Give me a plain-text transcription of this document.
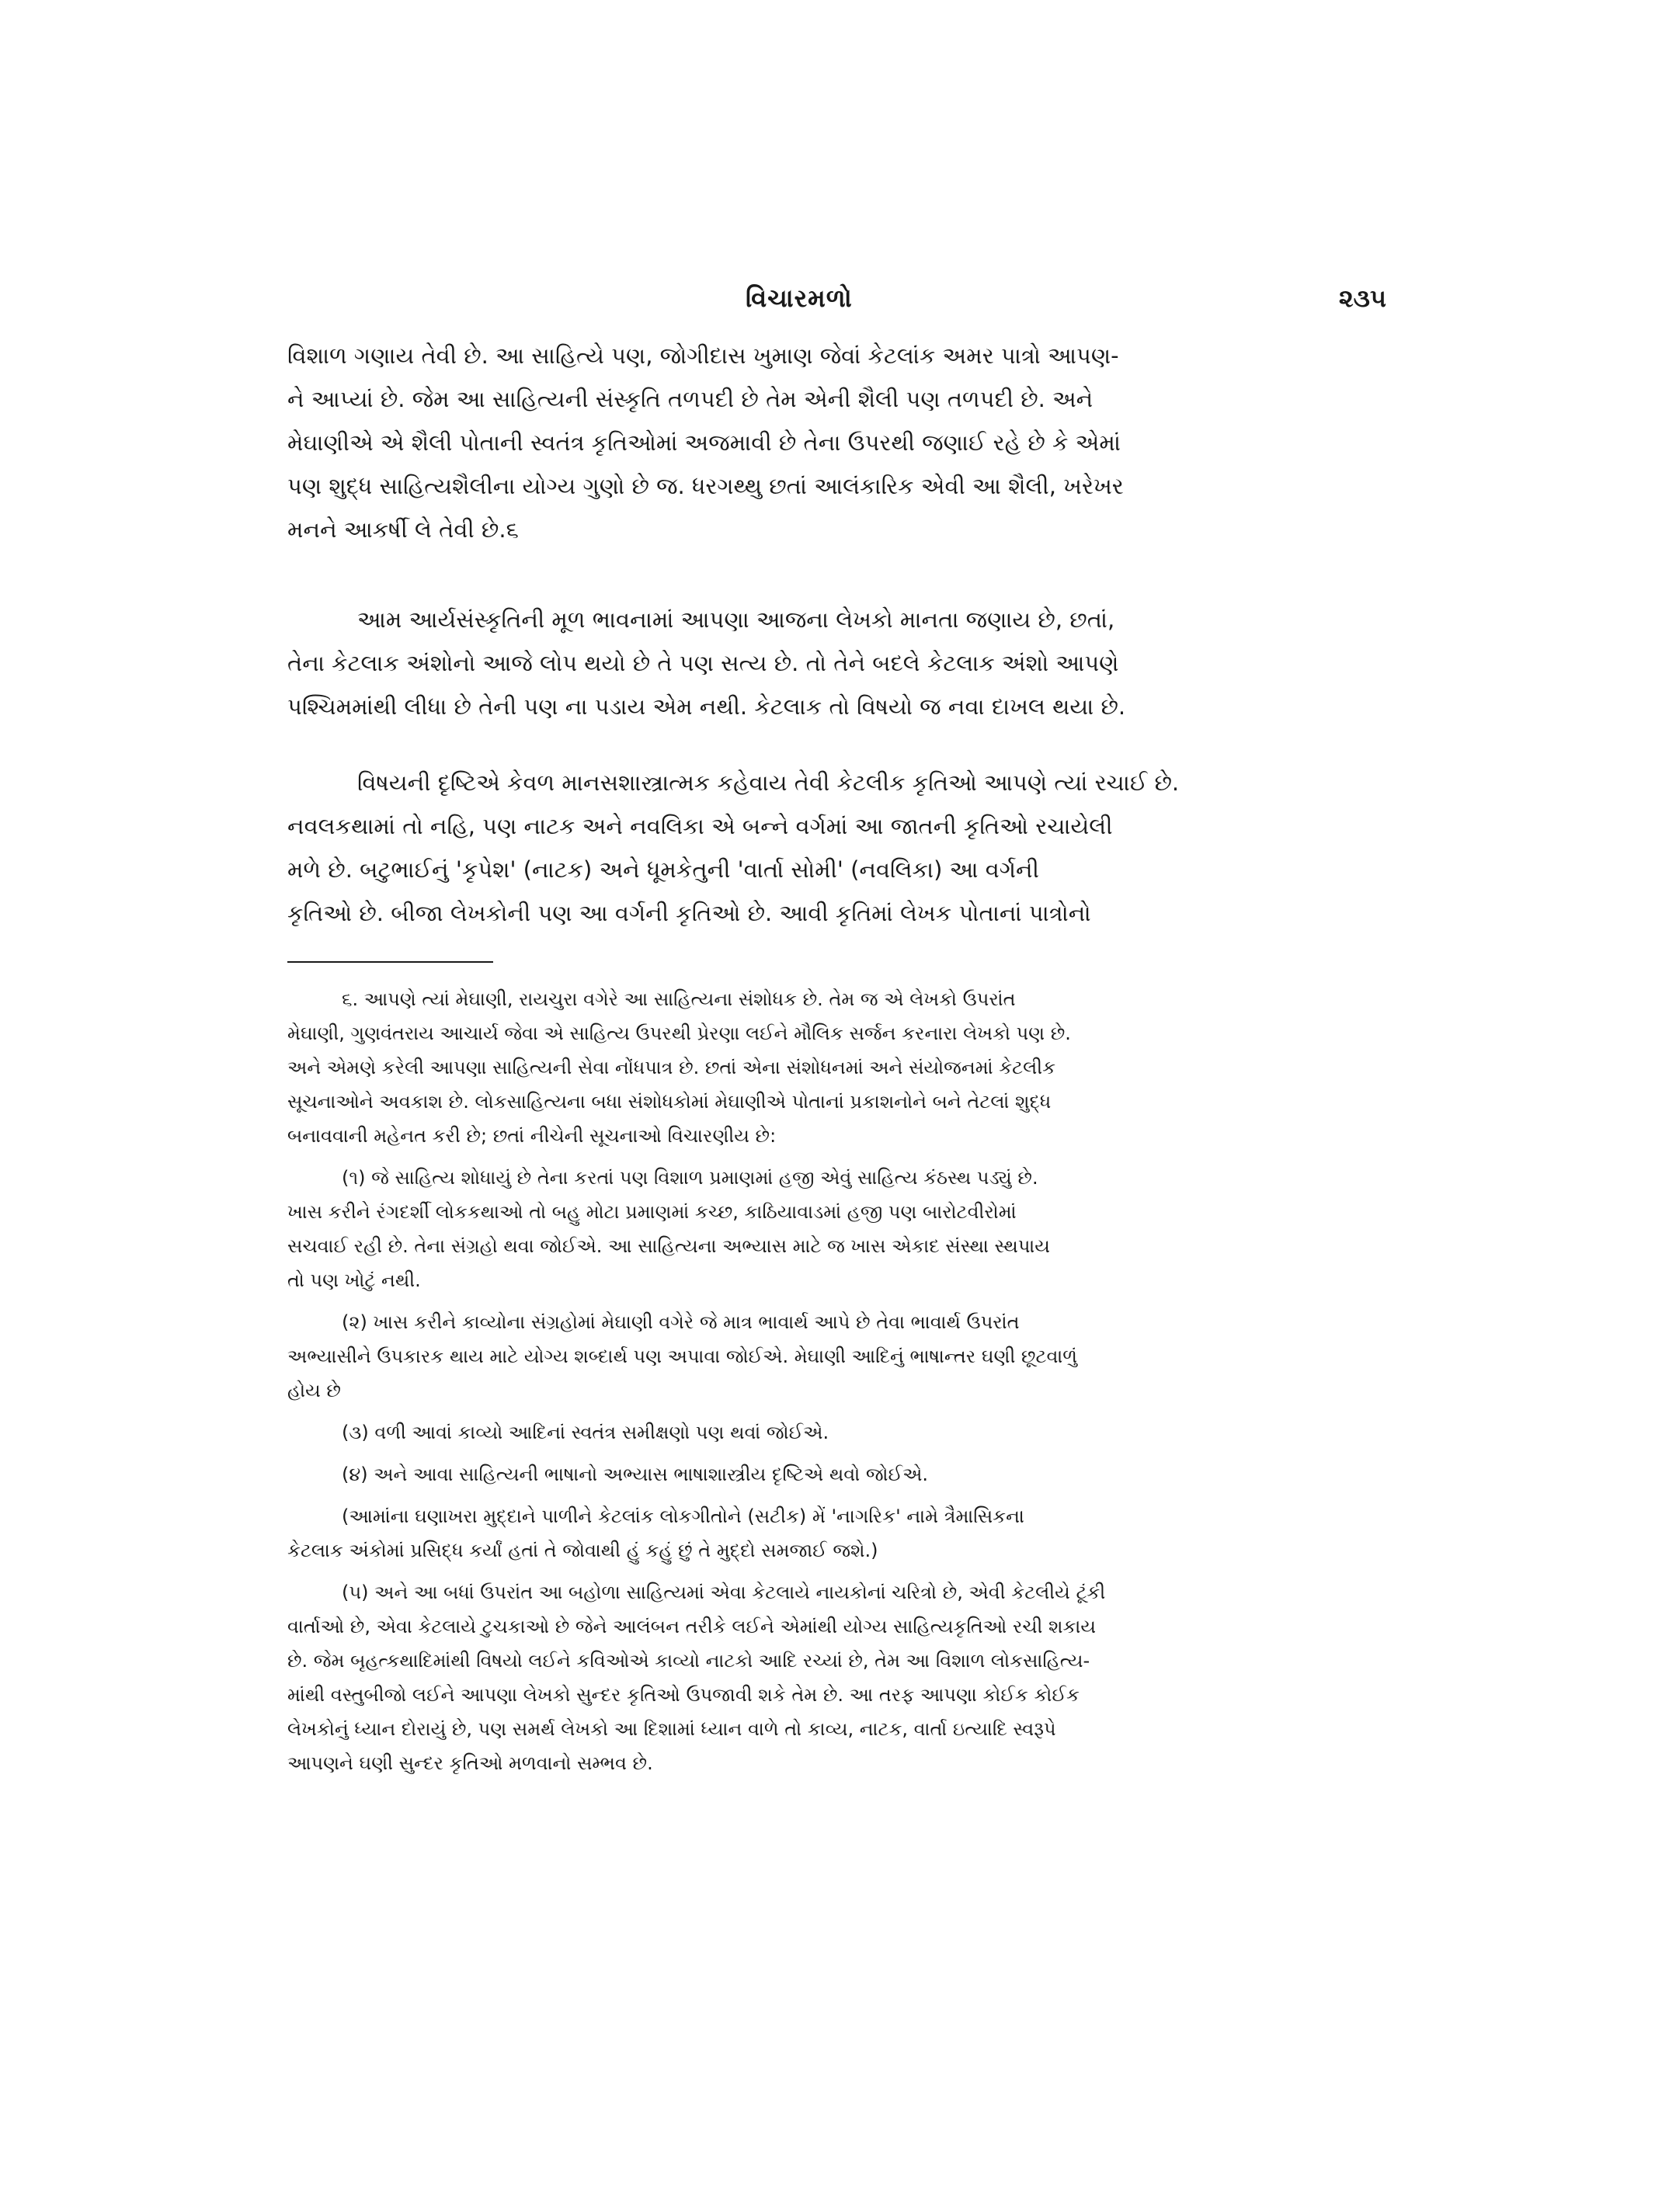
વિચારમળો	૨૩૫

વિશાળ ગણાય તેવી છે. આ સાહિત્યે પણ, જોગીદાસ ખુમાણ જેવાં કેટલાંક અમર પાત્રો આપણ-
ને આપ્યાં છે. જેમ આ સાહિત્યની સંસ્કૃતિ તળપદી છે તેમ એની શૈલી પણ તળપદી છે. અને
મેઘાણીએ એ શૈલી પોતાની સ્વતંત્ર કૃતિઓમાં અજમાવી છે તેના ઉપરથી જણાઈ રહે છે કે એમાં
પણ શુદ્ધ સાહિત્યશૈલીના યોગ્ય ગુણો છે જ. ધરગથ્થુ છતાં આલંકારિક એવી આ શૈલી, ખરેખર
મનને આકર્ષી લે તેવી છે.૬

આમ આર્યસંસ્કૃતિની મૂળ ભાવનામાં આપણા આજના લેખકો માનતા જણાય છે, છતાં,
તેના કેટલાક અંશોનો આજે લોપ થયો છે તે પણ સત્ય છે. તો તેને બદલે કેટલાક અંશો આપણે
પશ્ચિમમાંથી લીધા છે તેની પણ ના પડાય એમ નથી. કેટલાક તો વિષયો જ નવા દાખલ થયા છે.

વિષયની દૃષ્ટિએ કેવળ માનસશાસ્ત્રાત્મક કહેવાય તેવી કેટલીક કૃતિઓ આપણે ત્યાં રચાઈ છે.
નવલકથામાં તો નહિ, પણ નાટક અને નવલિકા એ બન્ને વર્ગમાં આ જાતની કૃતિઓ રચાયેલી
મળે છે. બટુભાઈનું 'કૃપેશ' (નાટક) અને ધૂમકેતુની 'વાર્તા સોમી' (નવલિકા) આ વર્ગની
કૃતિઓ છે. બીજા લેખકોની પણ આ વર્ગની કૃતિઓ છે. આવી કૃતિમાં લેખક પોતાનાં પાત્રોનો

૬. આપણે ત્યાં મેઘાણી, રાયચુરા વગેરે આ સાહિત્યના સંશોધક છે. તેમ જ એ લેખકો ઉપરાંત
મેઘાણી, ગુણવંતરાય આચાર્ય જેવા એ સાહિત્ય ઉપરથી પ્રેરણા લઈને મૌલિક સર્જન કરનારા લેખકો પણ છે.
અને એમણે કરેલી આપણા સાહિત્યની સેવા નોંધપાત્ર છે. છતાં એના સંશોધનમાં અને સંયોજનમાં કેટલીક
સૂચનાઓને અવકાશ છે. લોકસાહિત્યના બધા સંશોધકોમાં મેઘાણીએ પોતાનાં પ્રકાશનોને બને તેટલાં શુદ્ધ
બનાવવાની મહેનત કરી છે; છતાં નીચેની સૂચનાઓ વિચારણીય છે:

(૧) જે સાહિત્ય શોધાયું છે તેના કરતાં પણ વિશાળ પ્રમાણમાં હજી એવું સાહિત્ય કંઠસ્થ પડ્યું છે.
ખાસ કરીને રંગદર્શી લોકકથાઓ તો બહુ મોટા પ્રમાણમાં કચ્છ, કાઠિયાવાડમાં હજી પણ બારોટવીરોમાં
સચવાઈ રહી છે. તેના સંગ્રહો થવા જોઈએ. આ સાહિત્યના અભ્યાસ માટે જ ખાસ એકાદ સંસ્થા સ્થપાય
તો પણ ખોટું નથી.

(૨) ખાસ કરીને કાવ્યોના સંગ્રહોમાં મેઘાણી વગેરે જે માત્ર ભાવાર્થ આપે છે તેવા ભાવાર્થ ઉપરાંત
અભ્યાસીને ઉપકારક થાય માટે યોગ્ય શબ્દાર્થ પણ અપાવા જોઈએ. મેઘાણી આદિનું ભાષાન્તર ઘણી છૂટવાળું
હોય છે

(૩) વળી આવાં કાવ્યો આદિનાં સ્વતંત્ર સમીક્ષણો પણ થવાં જોઈએ.

(૪) અને આવા સાહિત્યની ભાષાનો અભ્યાસ ભાષાશાસ્ત્રીય દૃષ્ટિએ થવો જોઈએ.

(આમાંના ઘણાખરા મુદ્દાને પાળીને કેટલાંક લોકગીતોને (સટીક) મેં 'નાગરિક' નામે ત્રૈમાસિકના
કેટલાક અંકોમાં પ્રસિદ્ધ કર્યાં હતાં તે જોવાથી હું કહું છું તે મુદ્દો સમજાઈ જશે.)

(૫) અને આ બધાં ઉપરાંત આ બહોળા સાહિત્યમાં એવા કેટલાયે નાયકોનાં ચરિત્રો છે, એવી કેટલીયે ટૂંકી
વાર્તાઓ છે, એવા કેટલાયે ટુચકાઓ છે જેને આલંબન તરીકે લઈને એમાંથી યોગ્ય સાહિત્યકૃતિઓ રચી શકાય
છે. જેમ બૃહત્કથાદિમાંથી વિષયો લઈને કવિઓએ કાવ્યો નાટકો આદિ રચ્યાં છે, તેમ આ વિશાળ લોકસાહિત્ય-
માંથી વસ્તુબીજો લઈને આપણા લેખકો સુન્દર કૃતિઓ ઉપજાવી શકે તેમ છે. આ તરફ આપણા કોઈક કોઈક
લેખકોનું ધ્યાન દોરાયું છે, પણ સમર્થ લેખકો આ દિશામાં ધ્યાન વાળે તો કાવ્ય, નાટક, વાર્તા ઇત્યાદિ સ્વરૂપે
આપણને ઘણી સુન્દર કૃતિઓ મળવાનો સમ્ભવ છે.
